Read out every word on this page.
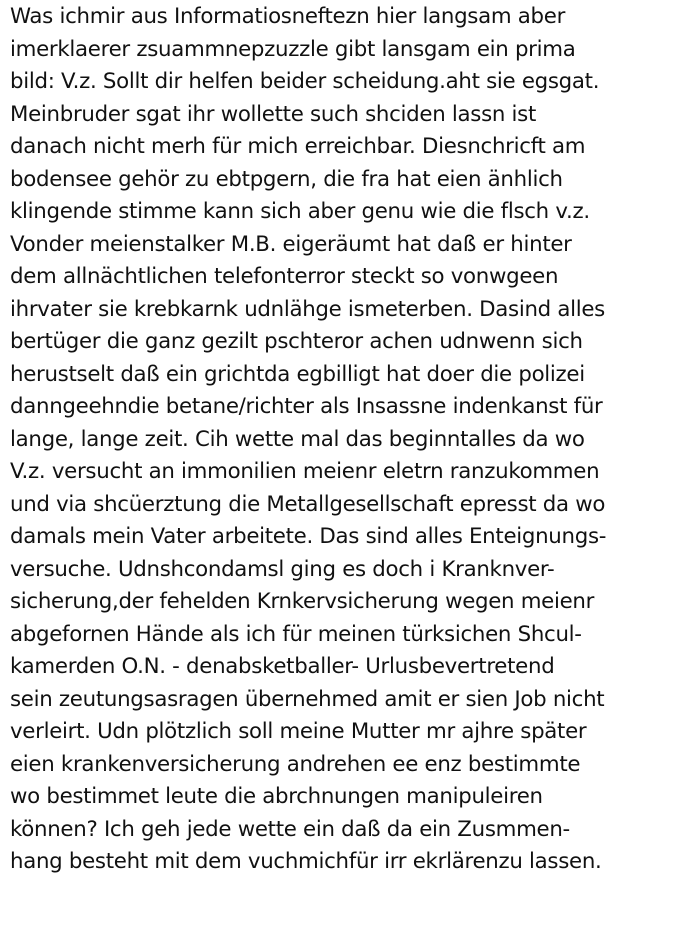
Was ichmir aus Informatiosneftezn hier langsam aber
imerklaerer zsuammnepzuzzle gibt lansgam ein prima
bild: V.z. Sollt dir helfen beider scheidung.aht sie egsgat.
Meinbruder sgat ihr wollette such shciden lassn ist
danach nicht merh für mich erreichbar. Diesnchricft am
bodensee gehör zu ebtpgern, die fra hat eien änhlich
klingende stimme kann sich aber genu wie die flsch v.z.
Vonder meienstalker M.B. eigeräumt hat daß er hinter
dem allnächtlichen telefonterror steckt so vonwgeen
ihrvater sie krebkarnk udnlähge ismeterben. Dasind alles
bertüger die ganz gezilt pschteror achen udnwenn sich
herustselt daß ein grichtda egbilligt hat doer die polizei
danngeehndie betane/richter als Insassne indenkanst für
lange, lange zeit. Cih wette mal das beginntalles da wo
V.z. versucht an immonilien meienr eletrn ranzukommen
und via shcüerztung die Metallgesellschaft epresst da wo
damals mein Vater arbeitete. Das sind alles Enteignungs-
versuche. Udnshcondamsl ging es doch i Kranknver-
sicherung,der fehelden Krnkervsicherung wegen meienr
abgefornen Hände als ich für meinen türksichen Shcul-
kamerden O.N. - denabsketballer- Urlusbevertretend
sein zeutungsasragen übernehmed amit er sien Job nicht
verleirt. Udn plötzlich soll meine Mutter mr ajhre später
eien krankenversicherung andrehen ee enz bestimmte
wo bestimmet leute die abrchnungen manipuleiren
können? Ich geh jede wette ein daß da ein Zusmmen-
hang besteht mit dem vuchmichfür irr ekrlärenzu lassen.
